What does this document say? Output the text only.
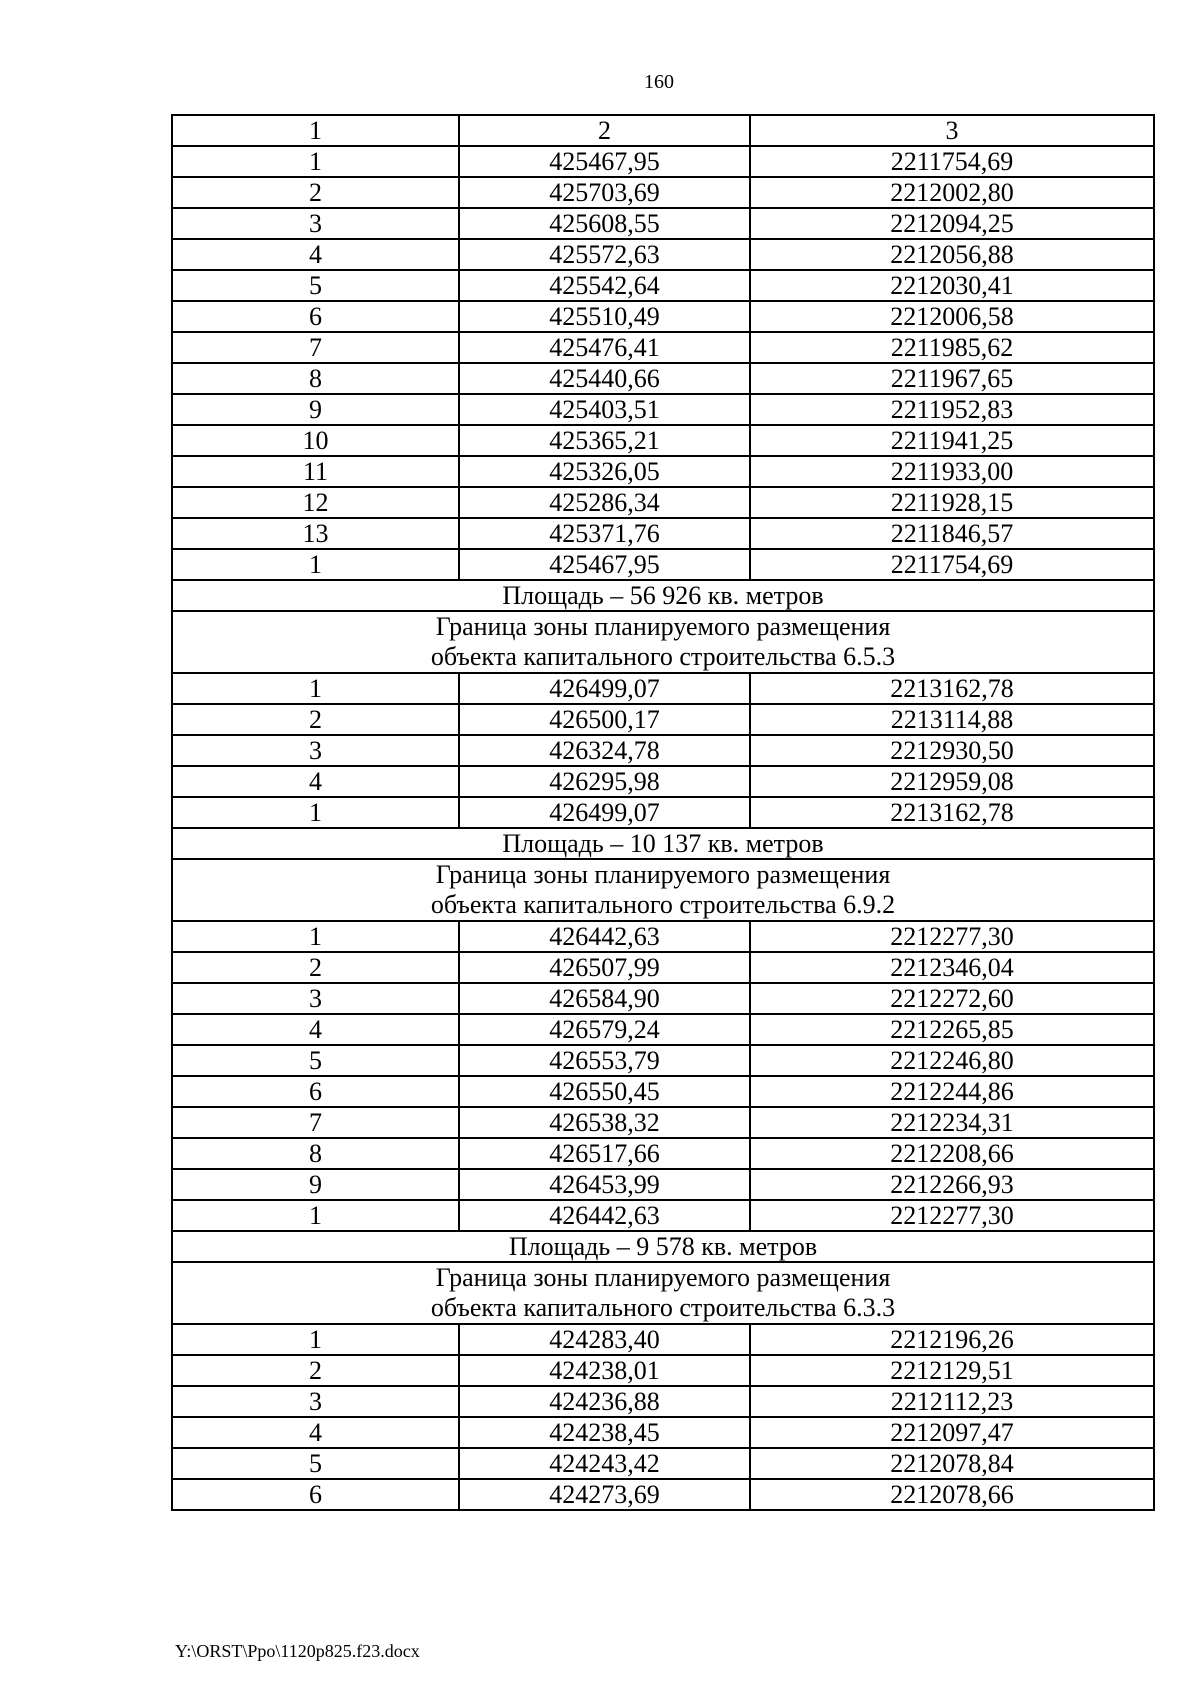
160
1	2	3
1	425467,95	2211754,69
2	425703,69	2212002,80
3	425608,55	2212094,25
4	425572,63	2212056,88
5	425542,64	2212030,41
6	425510,49	2212006,58
7	425476,41	2211985,62
8	425440,66	2211967,65
9	425403,51	2211952,83
10	425365,21	2211941,25
11	425326,05	2211933,00
12	425286,34	2211928,15
13	425371,76	2211846,57
1	425467,95	2211754,69
Площадь – 56 926 кв. метров		

Граница зоны планируемого размещения
объекта капитального строительства 6.5.3		

1	426499,07	2213162,78
2	426500,17	2213114,88
3	426324,78	2212930,50
4	426295,98	2212959,08
1	426499,07	2213162,78
Площадь – 10 137 кв. метров		

Граница зоны планируемого размещения
объекта капитального строительства 6.9.2		

1	426442,63	2212277,30
2	426507,99	2212346,04
3	426584,90	2212272,60
4	426579,24	2212265,85
5	426553,79	2212246,80
6	426550,45	2212244,86
7	426538,32	2212234,31
8	426517,66	2212208,66
9	426453,99	2212266,93
1	426442,63	2212277,30
Площадь – 9 578 кв. метров		

Граница зоны планируемого размещения
объекта капитального строительства 6.3.3		

1	424283,40	2212196,26
2	424238,01	2212129,51
3	424236,88	2212112,23
4	424238,45	2212097,47
5	424243,42	2212078,84
6	424273,69	2212078,66
Y:\ORST\Ppo\1120p825.f23.docx
